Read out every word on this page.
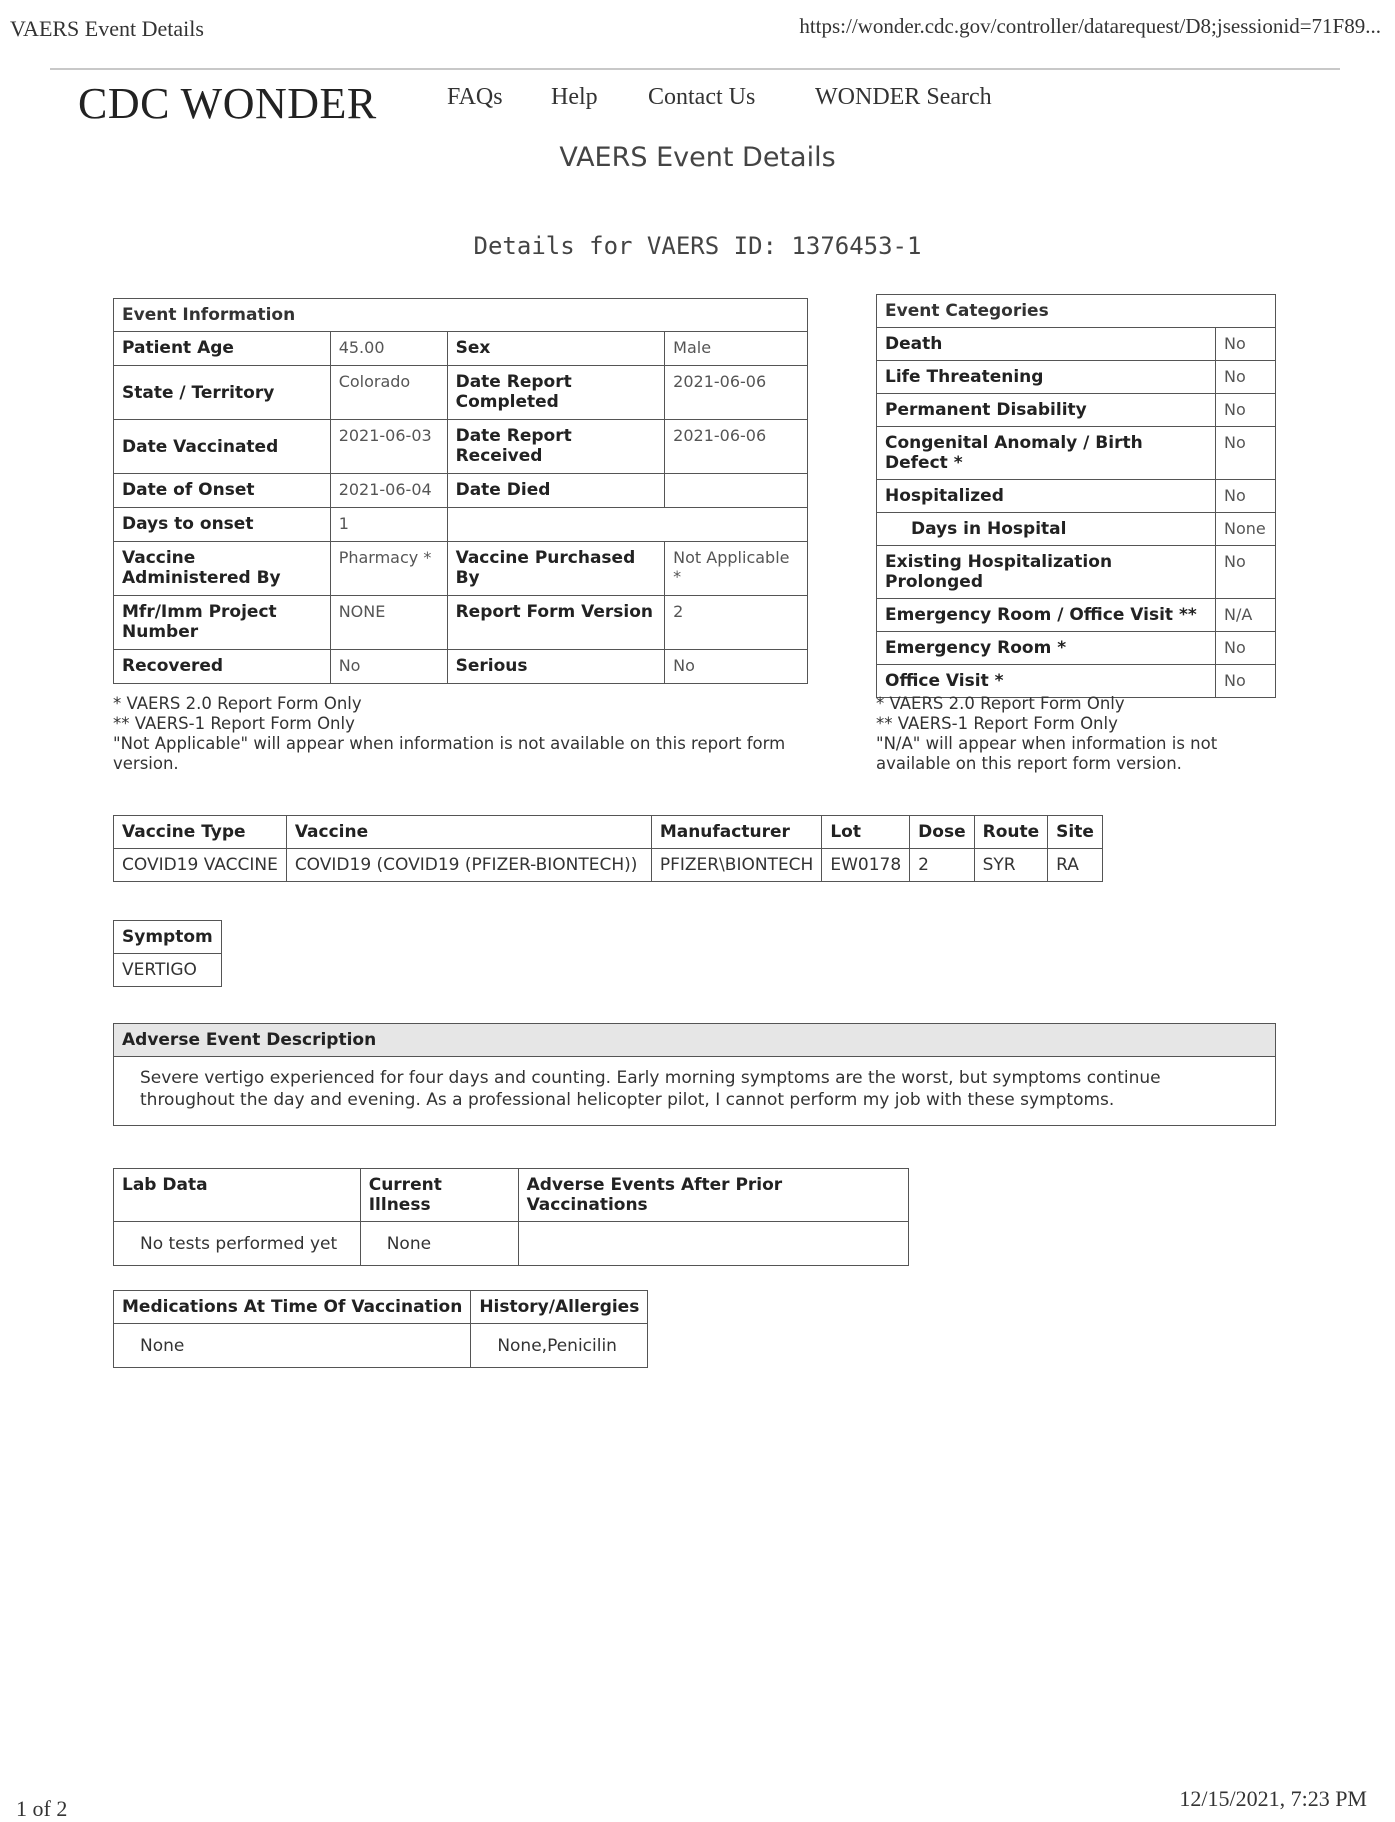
VAERS Event Details	https://wonder.cdc.gov/controller/datarequest/D8;jsessionid=71F89...
CDC WONDER	FAQs Help Contact Us WONDER Search
VAERS Event Details
Details for VAERS ID: 1376453-1
Event Information			
Patient Age	45.00	Sex	Male
State / Territory	Colorado	Date Report Completed	2021-06-06
Date Vaccinated	2021-06-03	Date Report Received	2021-06-06
Date of Onset	2021-06-04	Date Died	
Days to onset	1		
Vaccine Administered By	Pharmacy *	Vaccine Purchased By	Not Applicable *
Mfr/Imm Project Number	NONE	Report Form Version	2
Recovered	No	Serious	No
* VAERS 2.0 Report Form Only
** VAERS-1 Report Form Only
"Not Applicable" will appear when information is not available on this report form version.
Event Categories	
Death	No
Life Threatening	No
Permanent Disability	No
Congenital Anomaly / Birth Defect *	No
Hospitalized	No
Days in Hospital	None
Existing Hospitalization Prolonged	No
Emergency Room / Office Visit **	N/A
Emergency Room *	No
Office Visit *	No
* VAERS 2.0 Report Form Only
** VAERS-1 Report Form Only
"N/A" will appear when information is not available on this report form version.
Vaccine Type	Vaccine	Manufacturer	Lot	Dose	Route	Site
COVID19 VACCINE	COVID19 (COVID19 (PFIZER-BIONTECH))	PFIZER\BIONTECH	EW0178	2	SYR	RA
Symptom
VERTIGO
Adverse Event Description
Severe vertigo experienced for four days and counting. Early morning symptoms are the worst, but symptoms continue throughout the day and evening. As a professional helicopter pilot, I cannot perform my job with these symptoms.
Lab Data	Current Illness	Adverse Events After Prior Vaccinations
No tests performed yet	None	
Medications At Time Of Vaccination	History/Allergies
None	None,Penicilin
1 of 2	12/15/2021, 7:23 PM
